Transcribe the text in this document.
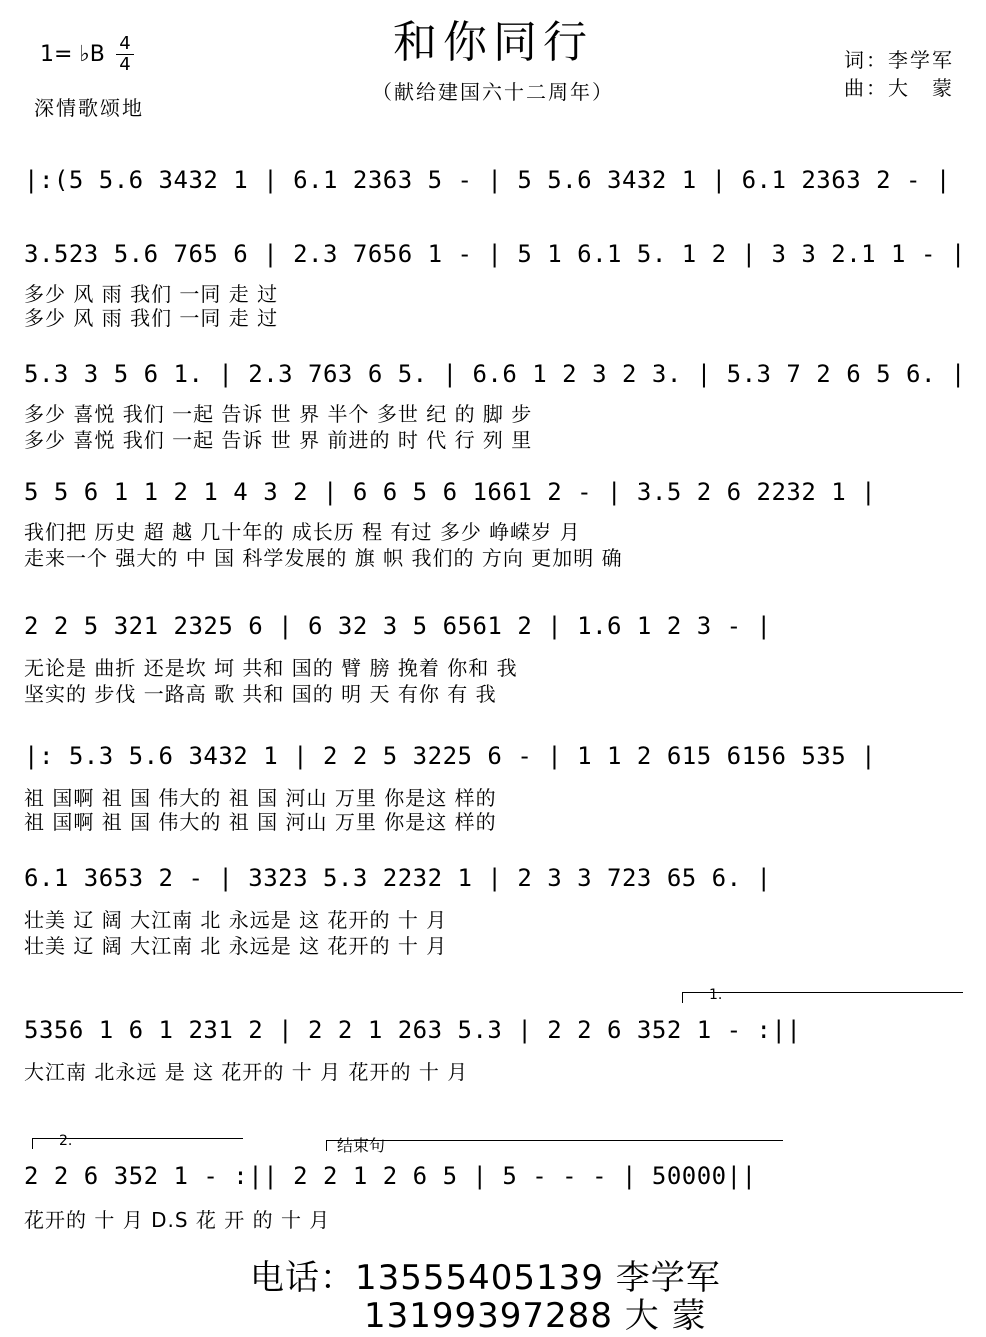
和你同行
（献给建国六十二周年）
1= ♭B 4
4
深情歌颂地
词：李学军
曲：大　蒙
|:(5 5.6 3432 1 | 6.1 2363 5 - | 5 5.6 3432 1 | 6.1 2363 2 - |
3.523 5.6 765 6 | 2.3 7656 1 - | 5 1 6.1 5. 1 2 | 3 3 2.1 1 - |
多少 风 雨 我们 一同 走 过
多少 风 雨 我们 一同 走 过
5.3 3 5 6 1. | 2.3 763 6 5. | 6.6 1 2 3 2 3. | 5.3 7 2 6 5 6. |
多少 喜悦 我们 一起 告诉 世 界 半个 多世 纪 的 脚 步
多少 喜悦 我们 一起 告诉 世 界 前进的 时 代 行 列 里
5 5 6 1 1 2 1 4 3 2 | 6 6 5 6 1661 2 - | 3.5 2 6 2232 1 |
我们把 历史 超 越 几十年的 成长历 程 有过 多少 峥嵘岁 月
走来一个 强大的 中 国 科学发展的 旗 帜 我们的 方向 更加明 确
2 2 5 321 2325 6 | 6 32 3 5 6561 2 | 1.6 1 2 3 - |
无论是 曲折 还是坎 坷 共和 国的 臂 膀 挽着 你和 我
坚实的 步伐 一路高 歌 共和 国的 明 天 有你 有 我
|: 5.3 5.6 3432 1 | 2 2 5 3225 6 - | 1 1 2 615 6156 535 |
祖 国啊 祖 国 伟大的 祖 国 河山 万里 你是这 样的
祖 国啊 祖 国 伟大的 祖 国 河山 万里 你是这 样的
6.1 3653 2 - | 3323 5.3 2232 1 | 2 3 3 723 65 6. |
壮美 辽 阔 大江南 北 永远是 这 花开的 十 月
壮美 辽 阔 大江南 北 永远是 这 花开的 十 月
1.
5356 1 6 1 231 2 | 2 2 1 263 5.3 | 2 2 6 352 1 - :||
大江南 北永远 是 这 花开的 十 月 花开的 十 月
2.	结束句
2 2 6 352 1 - :|| 2 2 1 2 6 5 | 5 - - - | 50000||
花开的 十 月 D.S 花 开 的 十 月
电话：13555405139 李学军
13199397288 大 蒙
